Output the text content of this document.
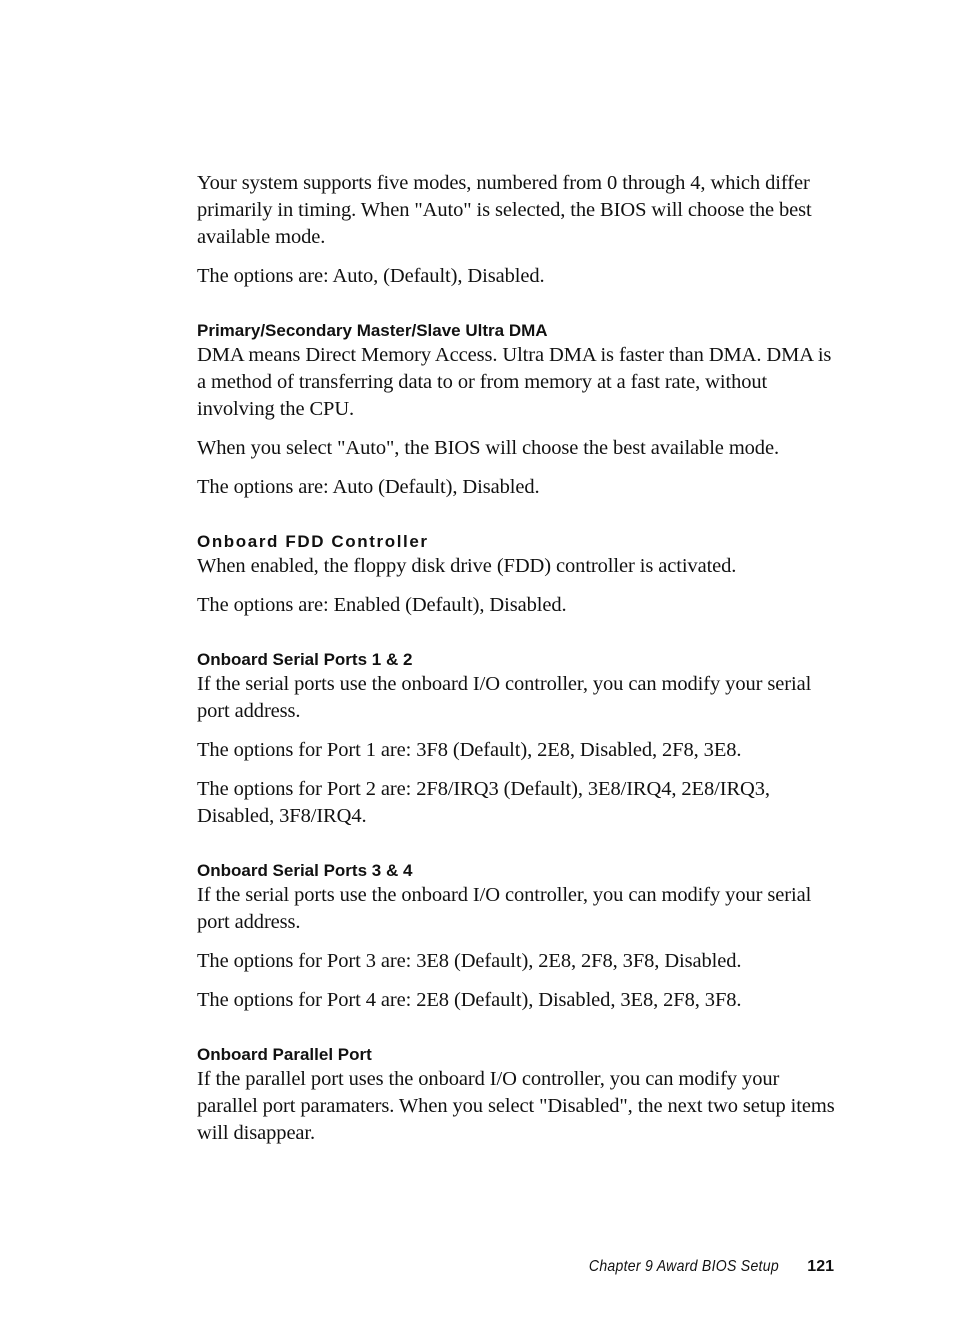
Your system supports five modes, numbered from 0 through 4, which differ primarily in timing. When "Auto" is selected, the BIOS will choose the best available mode.

The options are: Auto, (Default), Disabled.

Primary/Secondary Master/Slave Ultra DMA

DMA means Direct Memory Access. Ultra DMA is faster than DMA. DMA is a method of transferring data to or from memory at a fast rate, without involving the CPU.

When you select "Auto", the BIOS will choose the best available mode.

The options are: Auto (Default), Disabled.

Onboard FDD Controller

When enabled, the floppy disk drive (FDD) controller is activated.

The options are: Enabled (Default), Disabled.

Onboard Serial Ports 1 & 2

If the serial ports use the onboard I/O controller, you can modify your serial port address.

The options for Port 1 are: 3F8 (Default), 2E8, Disabled, 2F8, 3E8.

The options for Port 2 are: 2F8/IRQ3 (Default), 3E8/IRQ4, 2E8/IRQ3, Disabled, 3F8/IRQ4.

Onboard Serial Ports 3 & 4

If the serial ports use the onboard I/O controller, you can modify your serial port address.

The options for Port 3 are: 3E8 (Default), 2E8, 2F8, 3F8, Disabled.

The options for Port 4 are: 2E8 (Default), Disabled, 3E8, 2F8, 3F8.

Onboard Parallel Port

If the parallel port uses the onboard I/O controller, you can modify your parallel port paramaters. When you select "Disabled", the next two setup items will disappear.

Chapter 9 Award BIOS Setup 121
